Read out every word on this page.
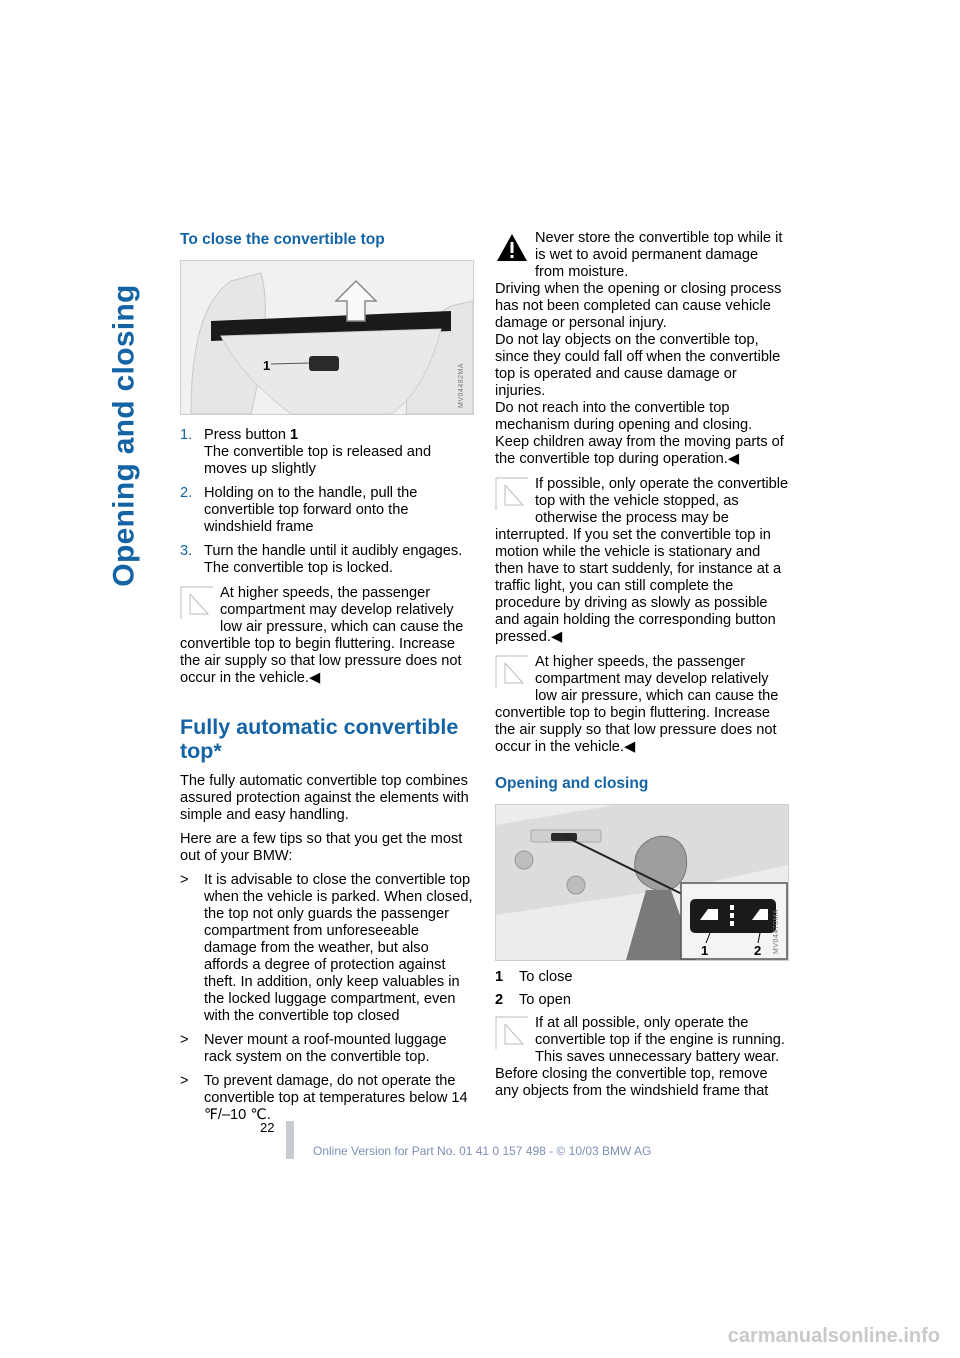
Opening and closing
To close the convertible top
1	MV04482MA
1. Press button 1
The convertible top is released and moves up slightly
2. Holding on to the handle, pull the convertible top forward onto the windshield frame
3. Turn the handle until it audibly engages.
The convertible top is locked.
At higher speeds, the passenger compartment may develop relatively low air pressure, which can cause the convertible top to begin fluttering. Increase the air supply so that low pressure does not occur in the vehicle.◀
Fully automatic convertible top*

The fully automatic convertible top combines assured protection against the elements with simple and easy handling.

Here are a few tips so that you get the most out of your BMW:

>	It is advisable to close the convertible top when the vehicle is parked. When closed, the top not only guards the passenger compartment from unforeseeable damage from the weather, but also affords a degree of protection against theft. In addition, only keep valuables in the locked luggage compartment, even with the convertible top closed
>	Never mount a roof-mounted luggage rack system on the convertible top.
>	To prevent damage, do not operate the convertible top at temperatures below 14 ℉/–10 ℃.
Never store the convertible top while it is wet to avoid permanent damage from moisture.
Driving when the opening or closing process has not been completed can cause vehicle damage or personal injury.
Do not lay objects on the convertible top, since they could fall off when the convertible top is operated and cause damage or injuries.
Do not reach into the convertible top mechanism during opening and closing. Keep children away from the moving parts of the convertible top during operation.◀
If possible, only operate the convertible top with the vehicle stopped, as otherwise the process may be interrupted. If you set the convertible top in motion while the vehicle is stationary and then have to start suddenly, for instance at a traffic light, you can still complete the procedure by driving as slowly as possible and again holding the corresponding button pressed.◀
At higher speeds, the passenger compartment may develop relatively low air pressure, which can cause the convertible top to begin fluttering. Increase the air supply so that low pressure does not occur in the vehicle.◀
Opening and closing
1	2	MV04470MA
1	To close
2	To open
If at all possible, only operate the convertible top if the engine is running. This saves unnecessary battery wear.
Before closing the convertible top, remove any objects from the windshield frame that
22
Online Version for Part No. 01 41 0 157 498 - © 10/03 BMW AG
carmanualsonline.info
